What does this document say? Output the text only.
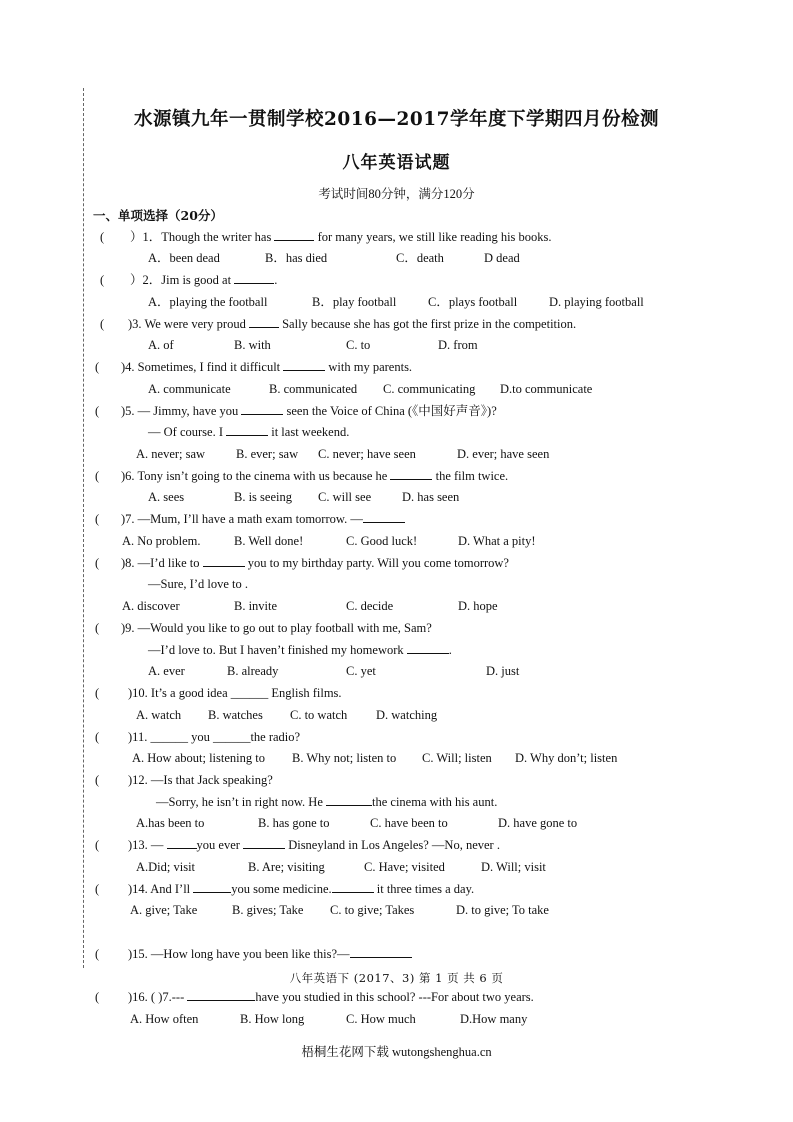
水源镇九年一贯制学校2016—2017学年度下学期四月份检测
八年英语试题
考试时间80分钟，满分120分
一、单项选择（20分）
( ）1．Though the writer has	for many years, we still like reading his books.
A．been dead	B．has died	C．death	D dead
( ）2．Jim is good at	.
A．playing the football	B．play football	C．plays football	D. playing football
( )3. We were very proud  Sally because she has got the first prize in the competition.
A. of	B. with	C. to	D. from
( )4. Sometimes, I find it difficult	with my parents.
A. communicate	B. communicated C. communicating D.to communicate
( )5. — Jimmy, have you	seen the Voice of China (《中国好声音》)?
— Of course. I	it last weekend.
A. never; saw B. ever; saw C. never; have seen	D. ever; have seen
( )6. Tony isn’t going to the cinema with us because he	the film twice.
A. sees	B. is seeing C. will see D. has seen
( )7. —Mum, I’ll have a math exam tomorrow. —
A. No problem.	B. Well done!	C. Good luck!	D. What a pity!
( )8. —I’d like to	you to my birthday party. Will you come tomorrow?
—Sure, I’d love to .
A. discover	B. invite	C. decide	D. hope
( )9. —Would you like to go out to play football with me, Sam?
—I’d love to. But I haven’t finished my homework	.
A. ever	B. already	C. yet	D. just
( )10. It’s a good idea ______ English films.
A. watch B. watches C. to watch D. watching
( )11. ______ you ______the radio?
A. How about; listening to B. Why not; listen to C. Will; listen D. Why don’t; listen
( )12. —Is that Jack speaking?
—Sorry, he isn’t in right now. He	the cinema with his aunt.
A.has been to	B. has gone to	C. have been to	D. have gone to
( )13. — you ever	Disneyland in Los Angeles? —No, never .
A.Did; visit	B. Are; visiting	C. Have; visited	D. Will; visit
( )14. And I’ll	you some medicine.	it three times a day.
A. give; Take	B. gives; Take C. to give; Takes	D. to give; To take
( )15. —How long have you been like this?—
八年英语下 (2017、3) 第 1 页 共 6 页
( )16. ( )7.---	have you studied in this school? ---For about two years.
A. How often	B. How long	C. How much	D.How many
梧桐生花网下载 wutongshenghua.cn
